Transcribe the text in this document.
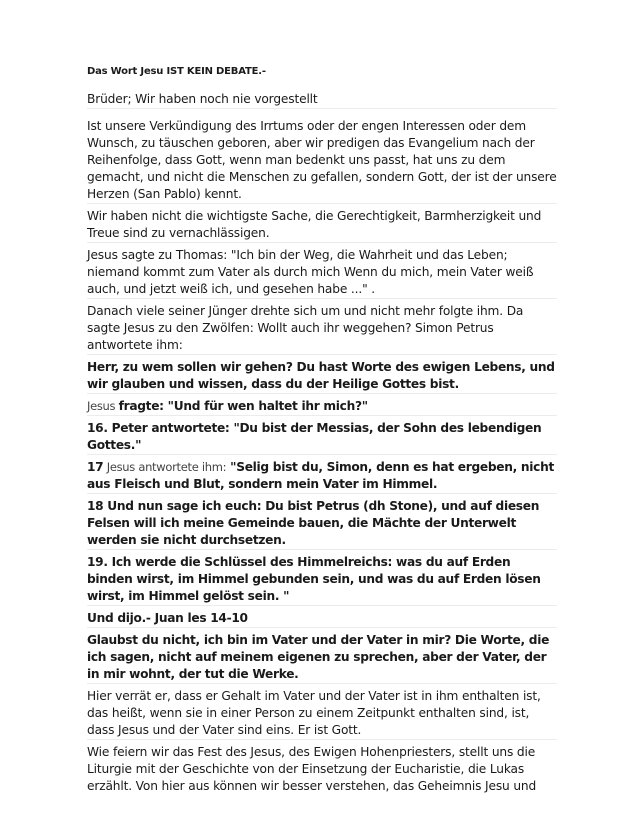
Das Wort Jesu IST KEIN DEBATE.-

Brüder; Wir haben noch nie vorgestellt

Ist unsere Verkündigung des Irrtums oder der engen Interessen oder dem Wunsch, zu täuschen geboren, aber wir predigen das Evangelium nach der Reihenfolge, dass Gott, wenn man bedenkt uns passt, hat uns zu dem gemacht, und nicht die Menschen zu gefallen, sondern Gott, der ist der unsere Herzen (San Pablo) kennt.

Wir haben nicht die wichtigste Sache, die Gerechtigkeit, Barmherzigkeit und Treue sind zu vernachlässigen.

Jesus sagte zu Thomas: "Ich bin der Weg, die Wahrheit und das Leben; niemand kommt zum Vater als durch mich Wenn du mich, mein Vater weiß auch, und jetzt weiß ich, und gesehen habe ..." .

Danach viele seiner Jünger drehte sich um und nicht mehr folgte ihm. Da sagte Jesus zu den Zwölfen: Wollt auch ihr weggehen? Simon Petrus antwortete ihm:

Herr, zu wem sollen wir gehen? Du hast Worte des ewigen Lebens, und wir glauben und wissen, dass du der Heilige Gottes bist.

Jesus fragte: "Und für wen haltet ihr mich?"

16. Peter antwortete: "Du bist der Messias, der Sohn des lebendigen Gottes."

17 Jesus antwortete ihm: "Selig bist du, Simon, denn es hat ergeben, nicht aus Fleisch und Blut, sondern mein Vater im Himmel.

18 Und nun sage ich euch: Du bist Petrus (dh Stone), und auf diesen Felsen will ich meine Gemeinde bauen, die Mächte der Unterwelt werden sie nicht durchsetzen.

19. Ich werde die Schlüssel des Himmelreichs: was du auf Erden binden wirst, im Himmel gebunden sein, und was du auf Erden lösen wirst, im Himmel gelöst sein. "

Und dijo.- Juan les 14-10

Glaubst du nicht, ich bin im Vater und der Vater in mir? Die Worte, die ich sagen, nicht auf meinem eigenen zu sprechen, aber der Vater, der in mir wohnt, der tut die Werke.

Hier verrät er, dass er Gehalt im Vater und der Vater ist in ihm enthalten ist, das heißt, wenn sie in einer Person zu einem Zeitpunkt enthalten sind, ist, dass Jesus und der Vater sind eins. Er ist Gott.

Wie feiern wir das Fest des Jesus, des Ewigen Hohenpriesters, stellt uns die Liturgie mit der Geschichte von der Einsetzung der Eucharistie, die Lukas erzählt. Von hier aus können wir besser verstehen, das Geheimnis Jesu und
